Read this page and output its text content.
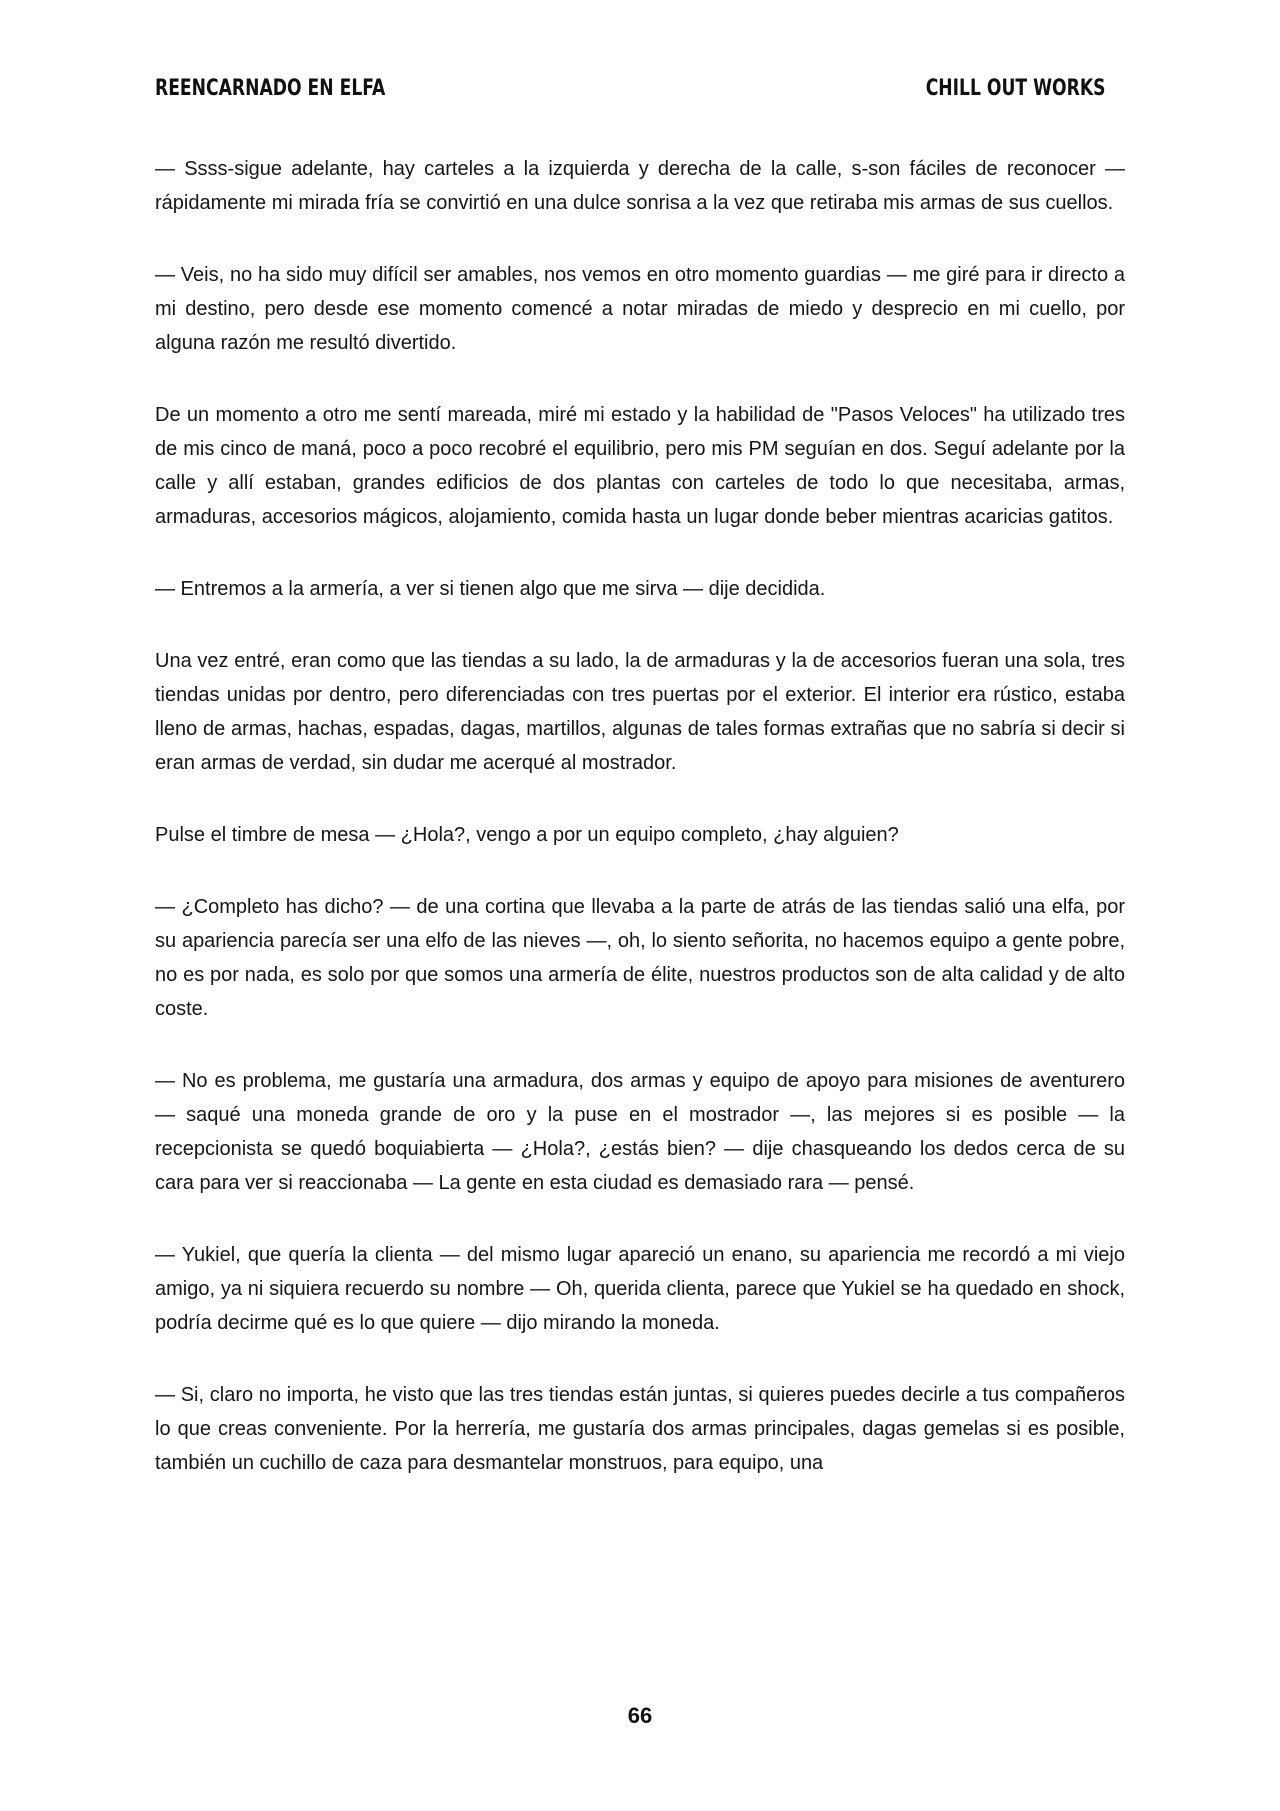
REENCARNADO EN ELFA	CHILL OUT WORKS

— Ssss-sigue adelante, hay carteles a la izquierda y derecha de la calle, s-son fáciles de reconocer — rápidamente mi mirada fría se convirtió en una dulce sonrisa a la vez que retiraba mis armas de sus cuellos.

— Veis, no ha sido muy difícil ser amables, nos vemos en otro momento guardias — me giré para ir directo a mi destino, pero desde ese momento comencé a notar miradas de miedo y desprecio en mi cuello, por alguna razón me resultó divertido.

De un momento a otro me sentí mareada, miré mi estado y la habilidad de "Pasos Veloces" ha utilizado tres de mis cinco de maná, poco a poco recobré el equilibrio, pero mis PM seguían en dos. Seguí adelante por la calle y allí estaban, grandes edificios de dos plantas con carteles de todo lo que necesitaba, armas, armaduras, accesorios mágicos, alojamiento, comida hasta un lugar donde beber mientras acaricias gatitos.

— Entremos a la armería, a ver si tienen algo que me sirva — dije decidida.

Una vez entré, eran como que las tiendas a su lado, la de armaduras y la de accesorios fueran una sola, tres tiendas unidas por dentro, pero diferenciadas con tres puertas por el exterior. El interior era rústico, estaba lleno de armas, hachas, espadas, dagas, martillos, algunas de tales formas extrañas que no sabría si decir si eran armas de verdad, sin dudar me acerqué al mostrador.

Pulse el timbre de mesa — ¿Hola?, vengo a por un equipo completo, ¿hay alguien?

— ¿Completo has dicho? — de una cortina que llevaba a la parte de atrás de las tiendas salió una elfa, por su apariencia parecía ser una elfo de las nieves —, oh, lo siento señorita, no hacemos equipo a gente pobre, no es por nada, es solo por que somos una armería de élite, nuestros productos son de alta calidad y de alto coste.

— No es problema, me gustaría una armadura, dos armas y equipo de apoyo para misiones de aventurero — saqué una moneda grande de oro y la puse en el mostrador —, las mejores si es posible — la recepcionista se quedó boquiabierta — ¿Hola?, ¿estás bien? — dije chasqueando los dedos cerca de su cara para ver si reaccionaba — La gente en esta ciudad es demasiado rara — pensé.

— Yukiel, que quería la clienta — del mismo lugar apareció un enano, su apariencia me recordó a mi viejo amigo, ya ni siquiera recuerdo su nombre — Oh, querida clienta, parece que Yukiel se ha quedado en shock, podría decirme qué es lo que quiere — dijo mirando la moneda.

— Si, claro no importa, he visto que las tres tiendas están juntas, si quieres puedes decirle a tus compañeros lo que creas conveniente. Por la herrería, me gustaría dos armas principales, dagas gemelas si es posible, también un cuchillo de caza para desmantelar monstruos, para equipo, una

66
